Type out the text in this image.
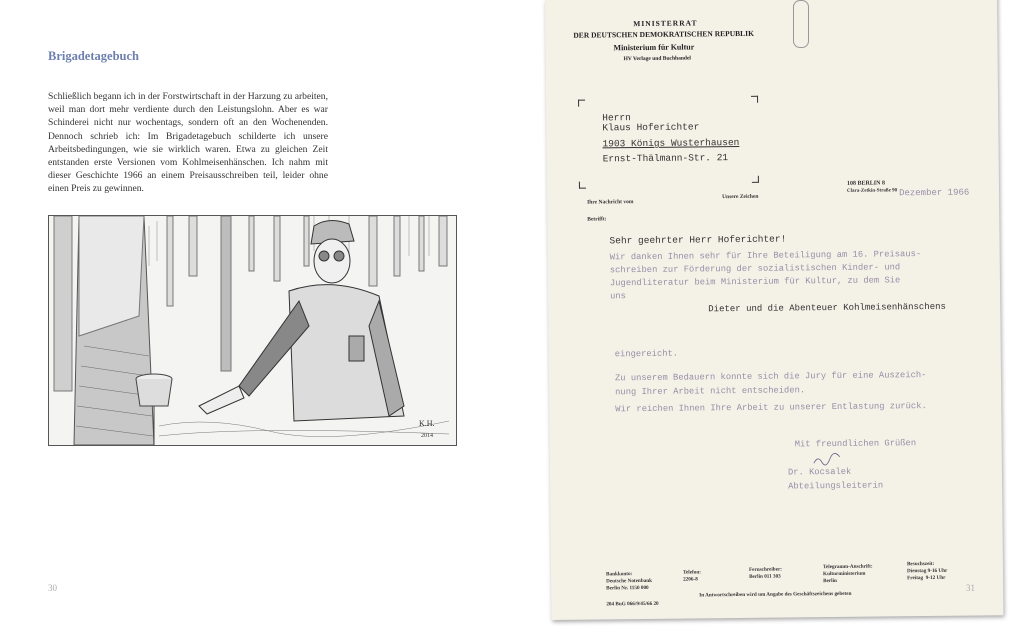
Brigadetagebuch
Schließlich begann ich in der Forstwirtschaft in der Harzung zu arbeiten, weil man dort mehr verdiente durch den Leistungslohn. Aber es war Schinderei nicht nur wochentags, sondern oft an den Wochenenden. Dennoch schrieb ich: Im Brigadetagebuch schilderte ich unsere Arbeitsbedingungen, wie sie wirklich waren. Etwa zu gleichen Zeit entstanden erste Versionen vom Kohlmeisenhänschen. Ich nahm mit dieser Geschichte 1966 an einem Preisausschreiben teil, leider ohne einen Preis zu gewinnen.
K.H.
2014
30
MINISTERRAT
DER DEUTSCHEN DEMOKRATISCHEN REPUBLIK
Ministerium für Kultur
HV Verlage und Buchhandel
Herrn
Klaus Hoferichter
1903 Königs Wusterhausen
Ernst-Thälmann-Str. 21
108 BERLIN 8
Clara-Zetkin-Straße 90 Dezember 1966
Ihre Nachricht vom
Unsere Zeichen
Betrifft:
Sehr geehrter Herr Hoferichter!
Wir danken Ihnen sehr für Ihre Beteiligung am 16. Preisaus-
schreiben zur Förderung der sozialistischen Kinder- und
Jugendliteratur beim Ministerium für Kultur, zu dem Sie
uns
Dieter und die Abenteuer Kohlmeisenhänschens
eingereicht.
Zu unserem Bedauern konnte sich die Jury für eine Auszeich-
nung Ihrer Arbeit nicht entscheiden.
Wir reichen Ihnen Ihre Arbeit zu unserer Entlastung zurück.
Mit freundlichen Grüßen
Dr. Kocsalek
Abteilungsleiterin
Bankkonto:
Deutsche Notenbank
Berlin Nr. 1150 000
Telefon:
2206-8
Fernschreiber:
Berlin 011 303
Telegramm-Anschrift:
Kulturministerium
Berlin
Besuchszeit:
Dienstag 9-16 Uhr
Freitag  9-12 Uhr
In Antwortschreiben wird um Angabe des Geschäftszeichens gebeten
204 BuG 066/9/45/66 20
31
